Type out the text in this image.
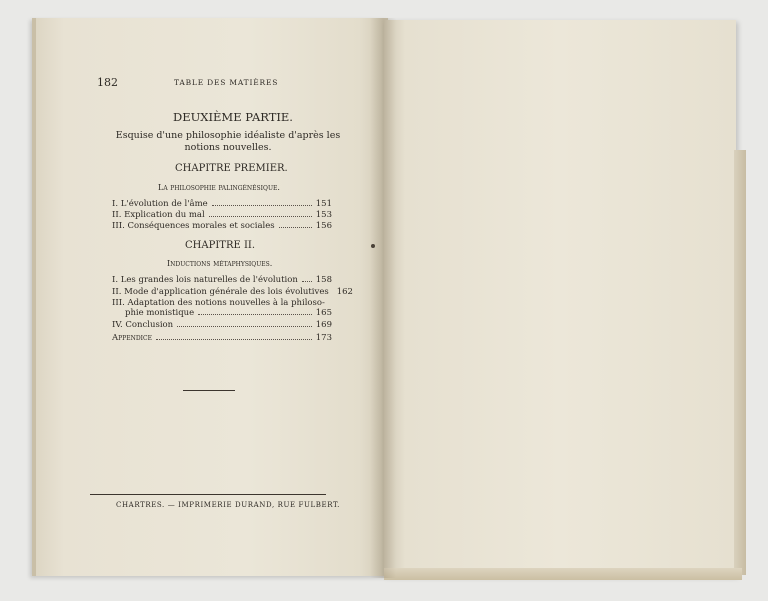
182	TABLE DES MATIÈRES
DEUXIÈME PARTIE.
Esquise d'une philosophie idéaliste d'après les notions nouvelles.
CHAPITRE PREMIER.
La philosophie palingénésique.
I. L'évolution de l'âme	151
II. Explication du mal	153
III. Conséquences morales et sociales	156
CHAPITRE II.
Inductions métaphysiques.
I. Les grandes lois naturelles de l'évolution 158
II. Mode d'application générale des lois évolutives 162
III. Adaptation des notions nouvelles à la philoso-
phie monistique	165
IV. Conclusion	169
Appendice	173
CHARTRES. — IMPRIMERIE DURAND, RUE FULBERT.
